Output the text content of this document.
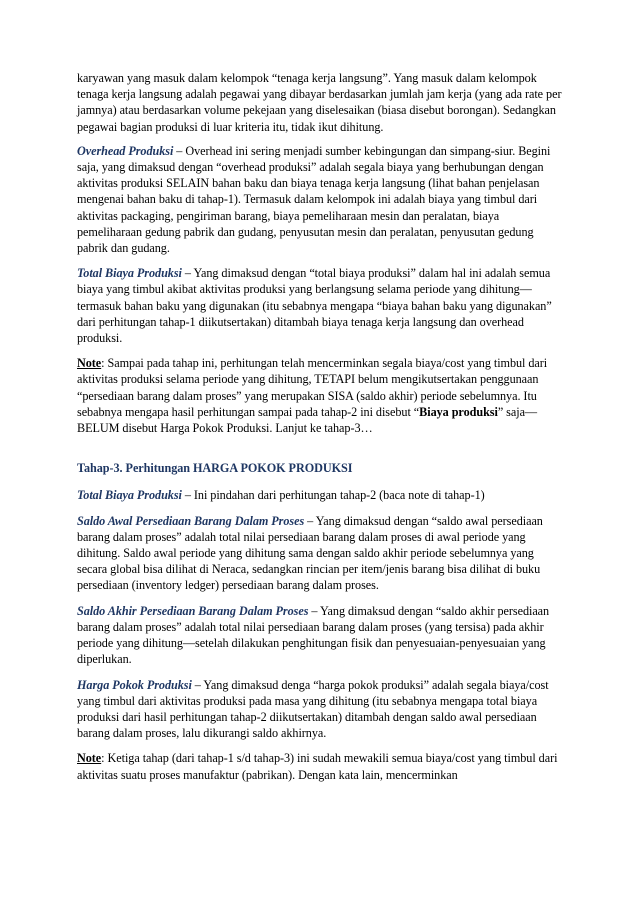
karyawan yang masuk dalam kelompok “tenaga kerja langsung”. Yang masuk dalam kelompok tenaga kerja langsung adalah pegawai yang dibayar berdasarkan jumlah jam kerja (yang ada rate per jamnya) atau berdasarkan volume pekejaan yang diselesaikan (biasa disebut borongan). Sedangkan pegawai bagian produksi di luar kriteria itu, tidak ikut dihitung.

Overhead Produksi – Overhead ini sering menjadi sumber kebingungan dan simpang-siur. Begini saja, yang dimaksud dengan “overhead produksi” adalah segala biaya yang berhubungan dengan aktivitas produksi SELAIN bahan baku dan biaya tenaga kerja langsung (lihat bahan penjelasan mengenai bahan baku di tahap-1). Termasuk dalam kelompok ini adalah biaya yang timbul dari aktivitas packaging, pengiriman barang, biaya pemeliharaan mesin dan peralatan, biaya pemeliharaan gedung pabrik dan gudang, penyusutan mesin dan peralatan, penyusutan gedung pabrik dan gudang.

Total Biaya Produksi – Yang dimaksud dengan “total biaya produksi” dalam hal ini adalah semua biaya yang timbul akibat aktivitas produksi yang berlangsung selama periode yang dihitung—termasuk bahan baku yang digunakan (itu sebabnya mengapa “biaya bahan baku yang digunakan” dari perhitungan tahap-1 diikutsertakan) ditambah biaya tenaga kerja langsung dan overhead produksi.

Note: Sampai pada tahap ini, perhitungan telah mencerminkan segala biaya/cost yang timbul dari aktivitas produksi selama periode yang dihitung, TETAPI belum mengikutsertakan penggunaan “persediaan barang dalam proses” yang merupakan SISA (saldo akhir) periode sebelumnya. Itu sebabnya mengapa hasil perhitungan sampai pada tahap-2 ini disebut “Biaya produksi” saja—BELUM disebut Harga Pokok Produksi. Lanjut ke tahap-3…

Tahap-3. Perhitungan HARGA POKOK PRODUKSI

Total Biaya Produksi – Ini pindahan dari perhitungan tahap-2 (baca note di tahap-1)

Saldo Awal Persediaan Barang Dalam Proses – Yang dimaksud dengan “saldo awal persediaan barang dalam proses” adalah total nilai persediaan barang dalam proses di awal periode yang dihitung. Saldo awal periode yang dihitung sama dengan saldo akhir periode sebelumnya yang secara global bisa dilihat di Neraca, sedangkan rincian per item/jenis barang bisa dilihat di buku persediaan (inventory ledger) persediaan barang dalam proses.

Saldo Akhir Persediaan Barang Dalam Proses – Yang dimaksud dengan “saldo akhir persediaan barang dalam proses” adalah total nilai persediaan barang dalam proses (yang tersisa) pada akhir periode yang dihitung—setelah dilakukan penghitungan fisik dan penyesuaian-penyesuaian yang diperlukan.

Harga Pokok Produksi – Yang dimaksud denga “harga pokok produksi” adalah segala biaya/cost yang timbul dari aktivitas produksi pada masa yang dihitung (itu sebabnya mengapa total biaya produksi dari hasil perhitungan tahap-2 diikutsertakan) ditambah dengan saldo awal persediaan barang dalam proses, lalu dikurangi saldo akhirnya.

Note: Ketiga tahap (dari tahap-1 s/d tahap-3) ini sudah mewakili semua biaya/cost yang timbul dari aktivitas suatu proses manufaktur (pabrikan). Dengan kata lain, mencerminkan
